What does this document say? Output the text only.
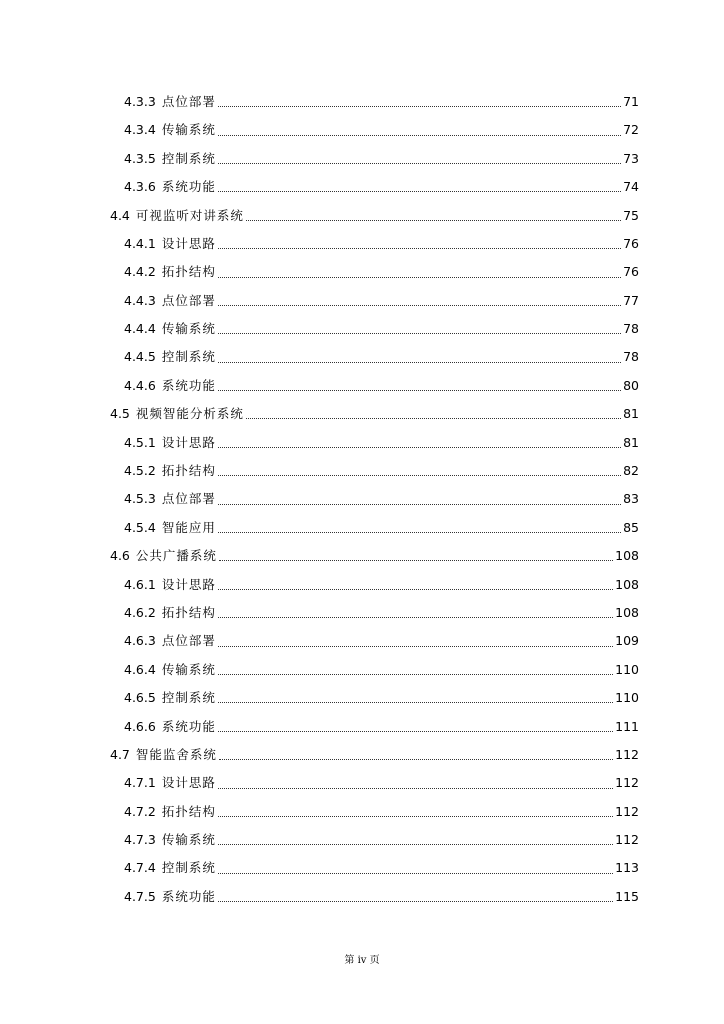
4.3.3 点位部署	71
4.3.4 传输系统	72
4.3.5 控制系统	73
4.3.6 系统功能	74
4.4 可视监听对讲系统	75
4.4.1 设计思路	76
4.4.2 拓扑结构	76
4.4.3 点位部署	77
4.4.4 传输系统	78
4.4.5 控制系统	78
4.4.6 系统功能	80
4.5 视频智能分析系统	81
4.5.1 设计思路	81
4.5.2 拓扑结构	82
4.5.3 点位部署	83
4.5.4 智能应用	85
4.6 公共广播系统	108
4.6.1 设计思路	108
4.6.2 拓扑结构	108
4.6.3 点位部署	109
4.6.4 传输系统	110
4.6.5 控制系统	110
4.6.6 系统功能	111
4.7 智能监舍系统	112
4.7.1 设计思路	112
4.7.2 拓扑结构	112
4.7.3 传输系统	112
4.7.4 控制系统	113
4.7.5 系统功能	115
第 iv 页
